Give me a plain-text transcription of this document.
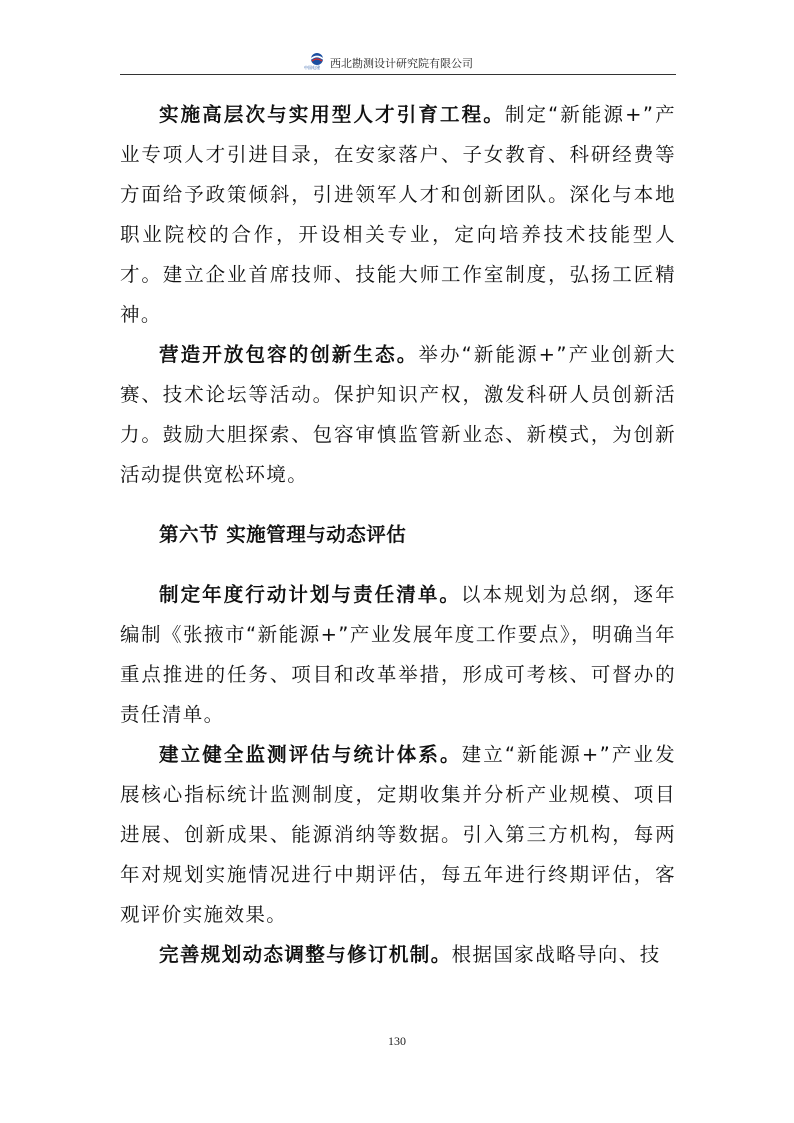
中国电建 西北勘测设计研究院有限公司

实施高层次与实用型人才引育工程。制定“新能源+”产业专项人才引进目录，在安家落户、子女教育、科研经费等方面给予政策倾斜，引进领军人才和创新团队。深化与本地职业院校的合作，开设相关专业，定向培养技术技能型人才。建立企业首席技师、技能大师工作室制度，弘扬工匠精神。

营造开放包容的创新生态。举办“新能源+”产业创新大赛、技术论坛等活动。保护知识产权，激发科研人员创新活力。鼓励大胆探索、包容审慎监管新业态、新模式，为创新活动提供宽松环境。

第六节 实施管理与动态评估

制定年度行动计划与责任清单。以本规划为总纲，逐年编制《张掖市“新能源+”产业发展年度工作要点》，明确当年重点推进的任务、项目和改革举措，形成可考核、可督办的责任清单。

建立健全监测评估与统计体系。建立“新能源+”产业发展核心指标统计监测制度，定期收集并分析产业规模、项目进展、创新成果、能源消纳等数据。引入第三方机构，每两年对规划实施情况进行中期评估，每五年进行终期评估，客观评价实施效果。

完善规划动态调整与修订机制。根据国家战略导向、技

130
